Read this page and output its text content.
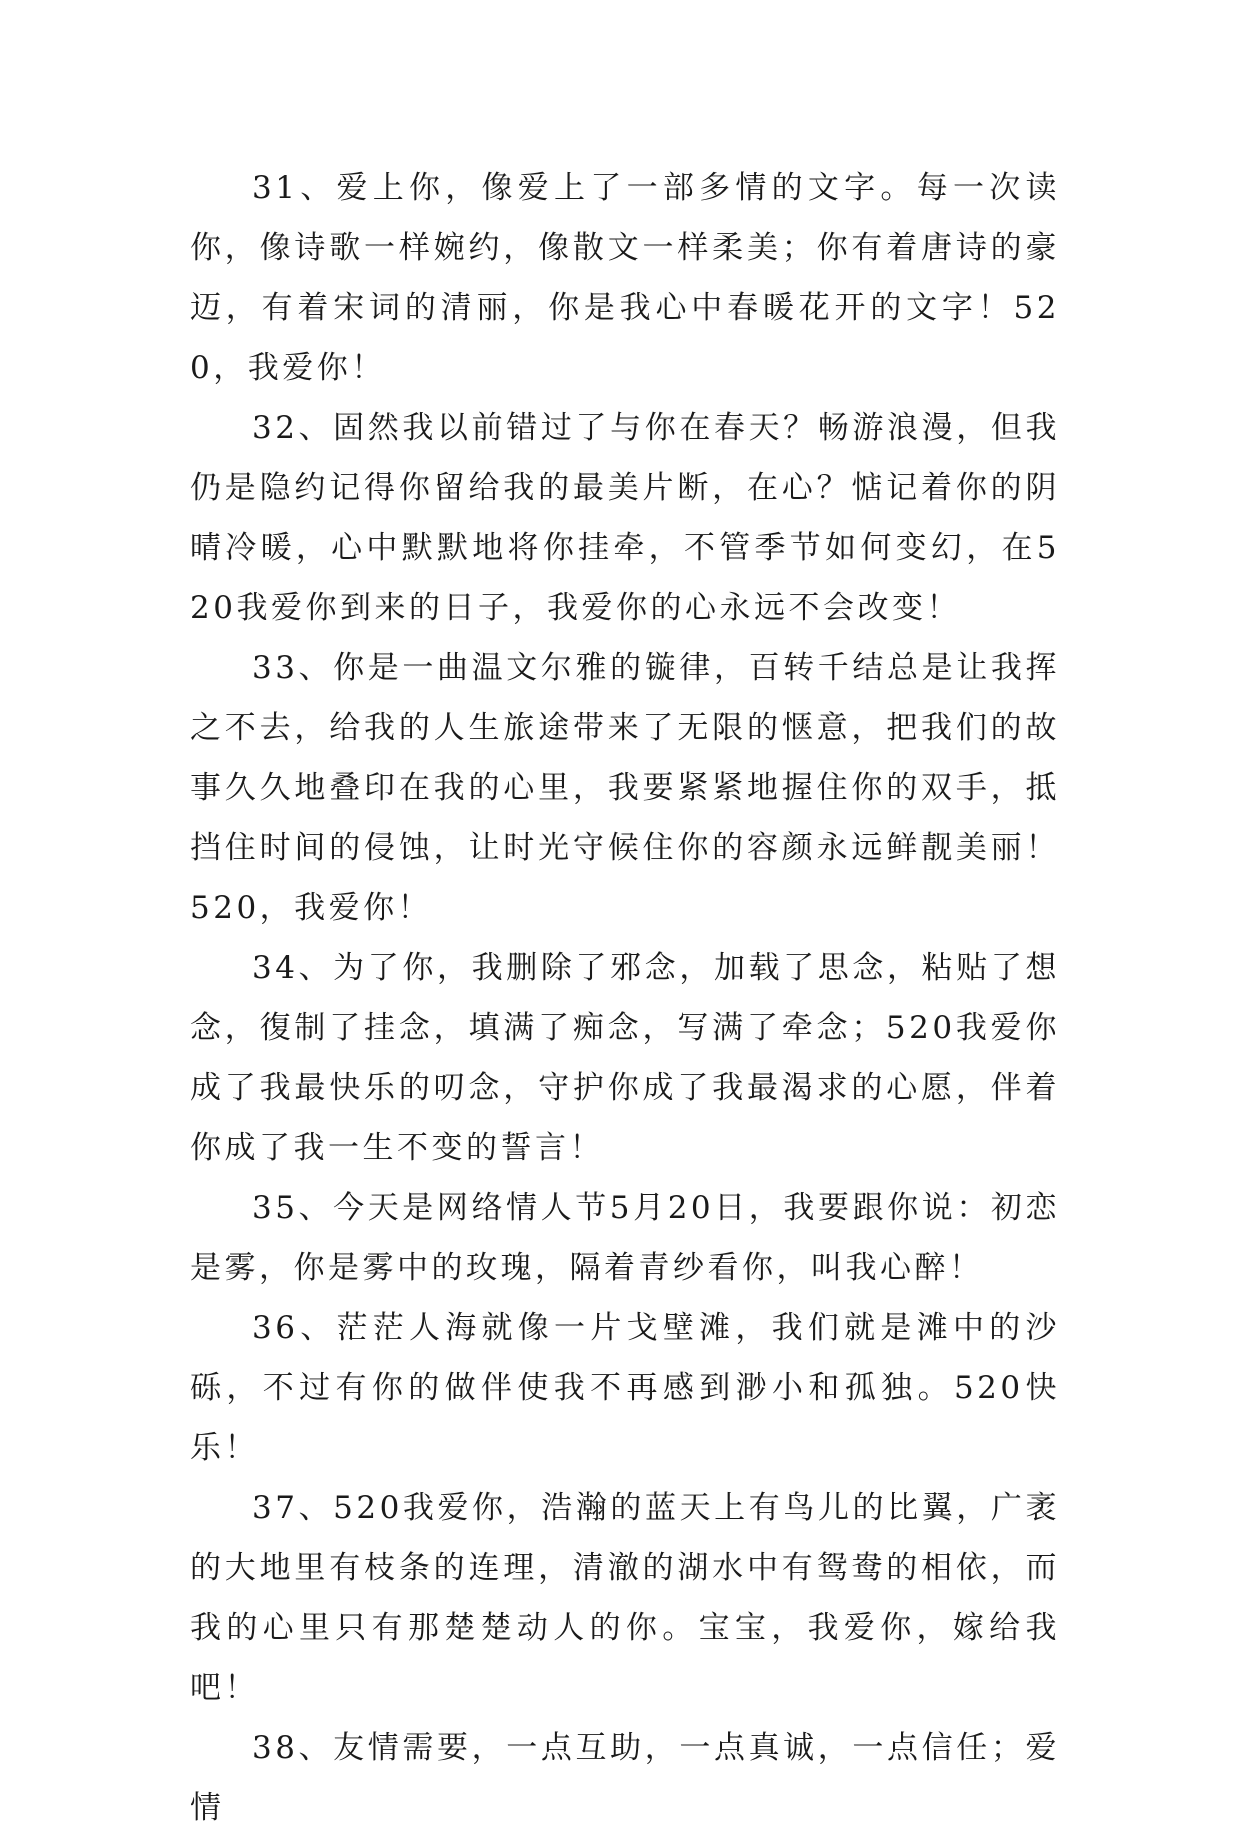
31、爱上你，像爱上了一部多情的文字。每一次读你，像诗歌一样婉约，像散文一样柔美；你有着唐诗的豪迈，有着宋词的清丽，你是我心中春暖花开的文字！520，我爱你！

32、固然我以前错过了与你在春天？畅游浪漫，但我仍是隐约记得你留给我的最美片断，在心？惦记着你的阴晴冷暖，心中默默地将你挂牵，不管季节如何变幻，在520我爱你到来的日子，我爱你的心永远不会改变！

33、你是一曲温文尔雅的镟律，百转千结总是让我挥之不去，给我的人生旅途带来了无限的惬意，把我们的故事久久地叠印在我的心里，我要紧紧地握住你的双手，抵挡住时间的侵蚀，让时光守候住你的容颜永远鲜靓美丽！520，我爱你！

34、为了你，我删除了邪念，加载了思念，粘贴了想念，復制了挂念，填满了痴念，写满了牵念；520我爱你成了我最快乐的叨念，守护你成了我最渴求的心愿，伴着你成了我一生不变的誓言！

35、今天是网络情人节5月20日，我要跟你说：初恋是雾，你是雾中的玫瑰，隔着青纱看你，叫我心醉！

36、茫茫人海就像一片戈壁滩，我们就是滩中的沙砾，不过有你的做伴使我不再感到渺小和孤独。520快乐！

37、520我爱你，浩瀚的蓝天上有鸟儿的比翼，广袤的大地里有枝条的连理，清澈的湖水中有鸳鸯的相依，而我的心里只有那楚楚动人的你。宝宝，我爱你，嫁给我吧！

38、友情需要，一点互助，一点真诚，一点信任；爱情
